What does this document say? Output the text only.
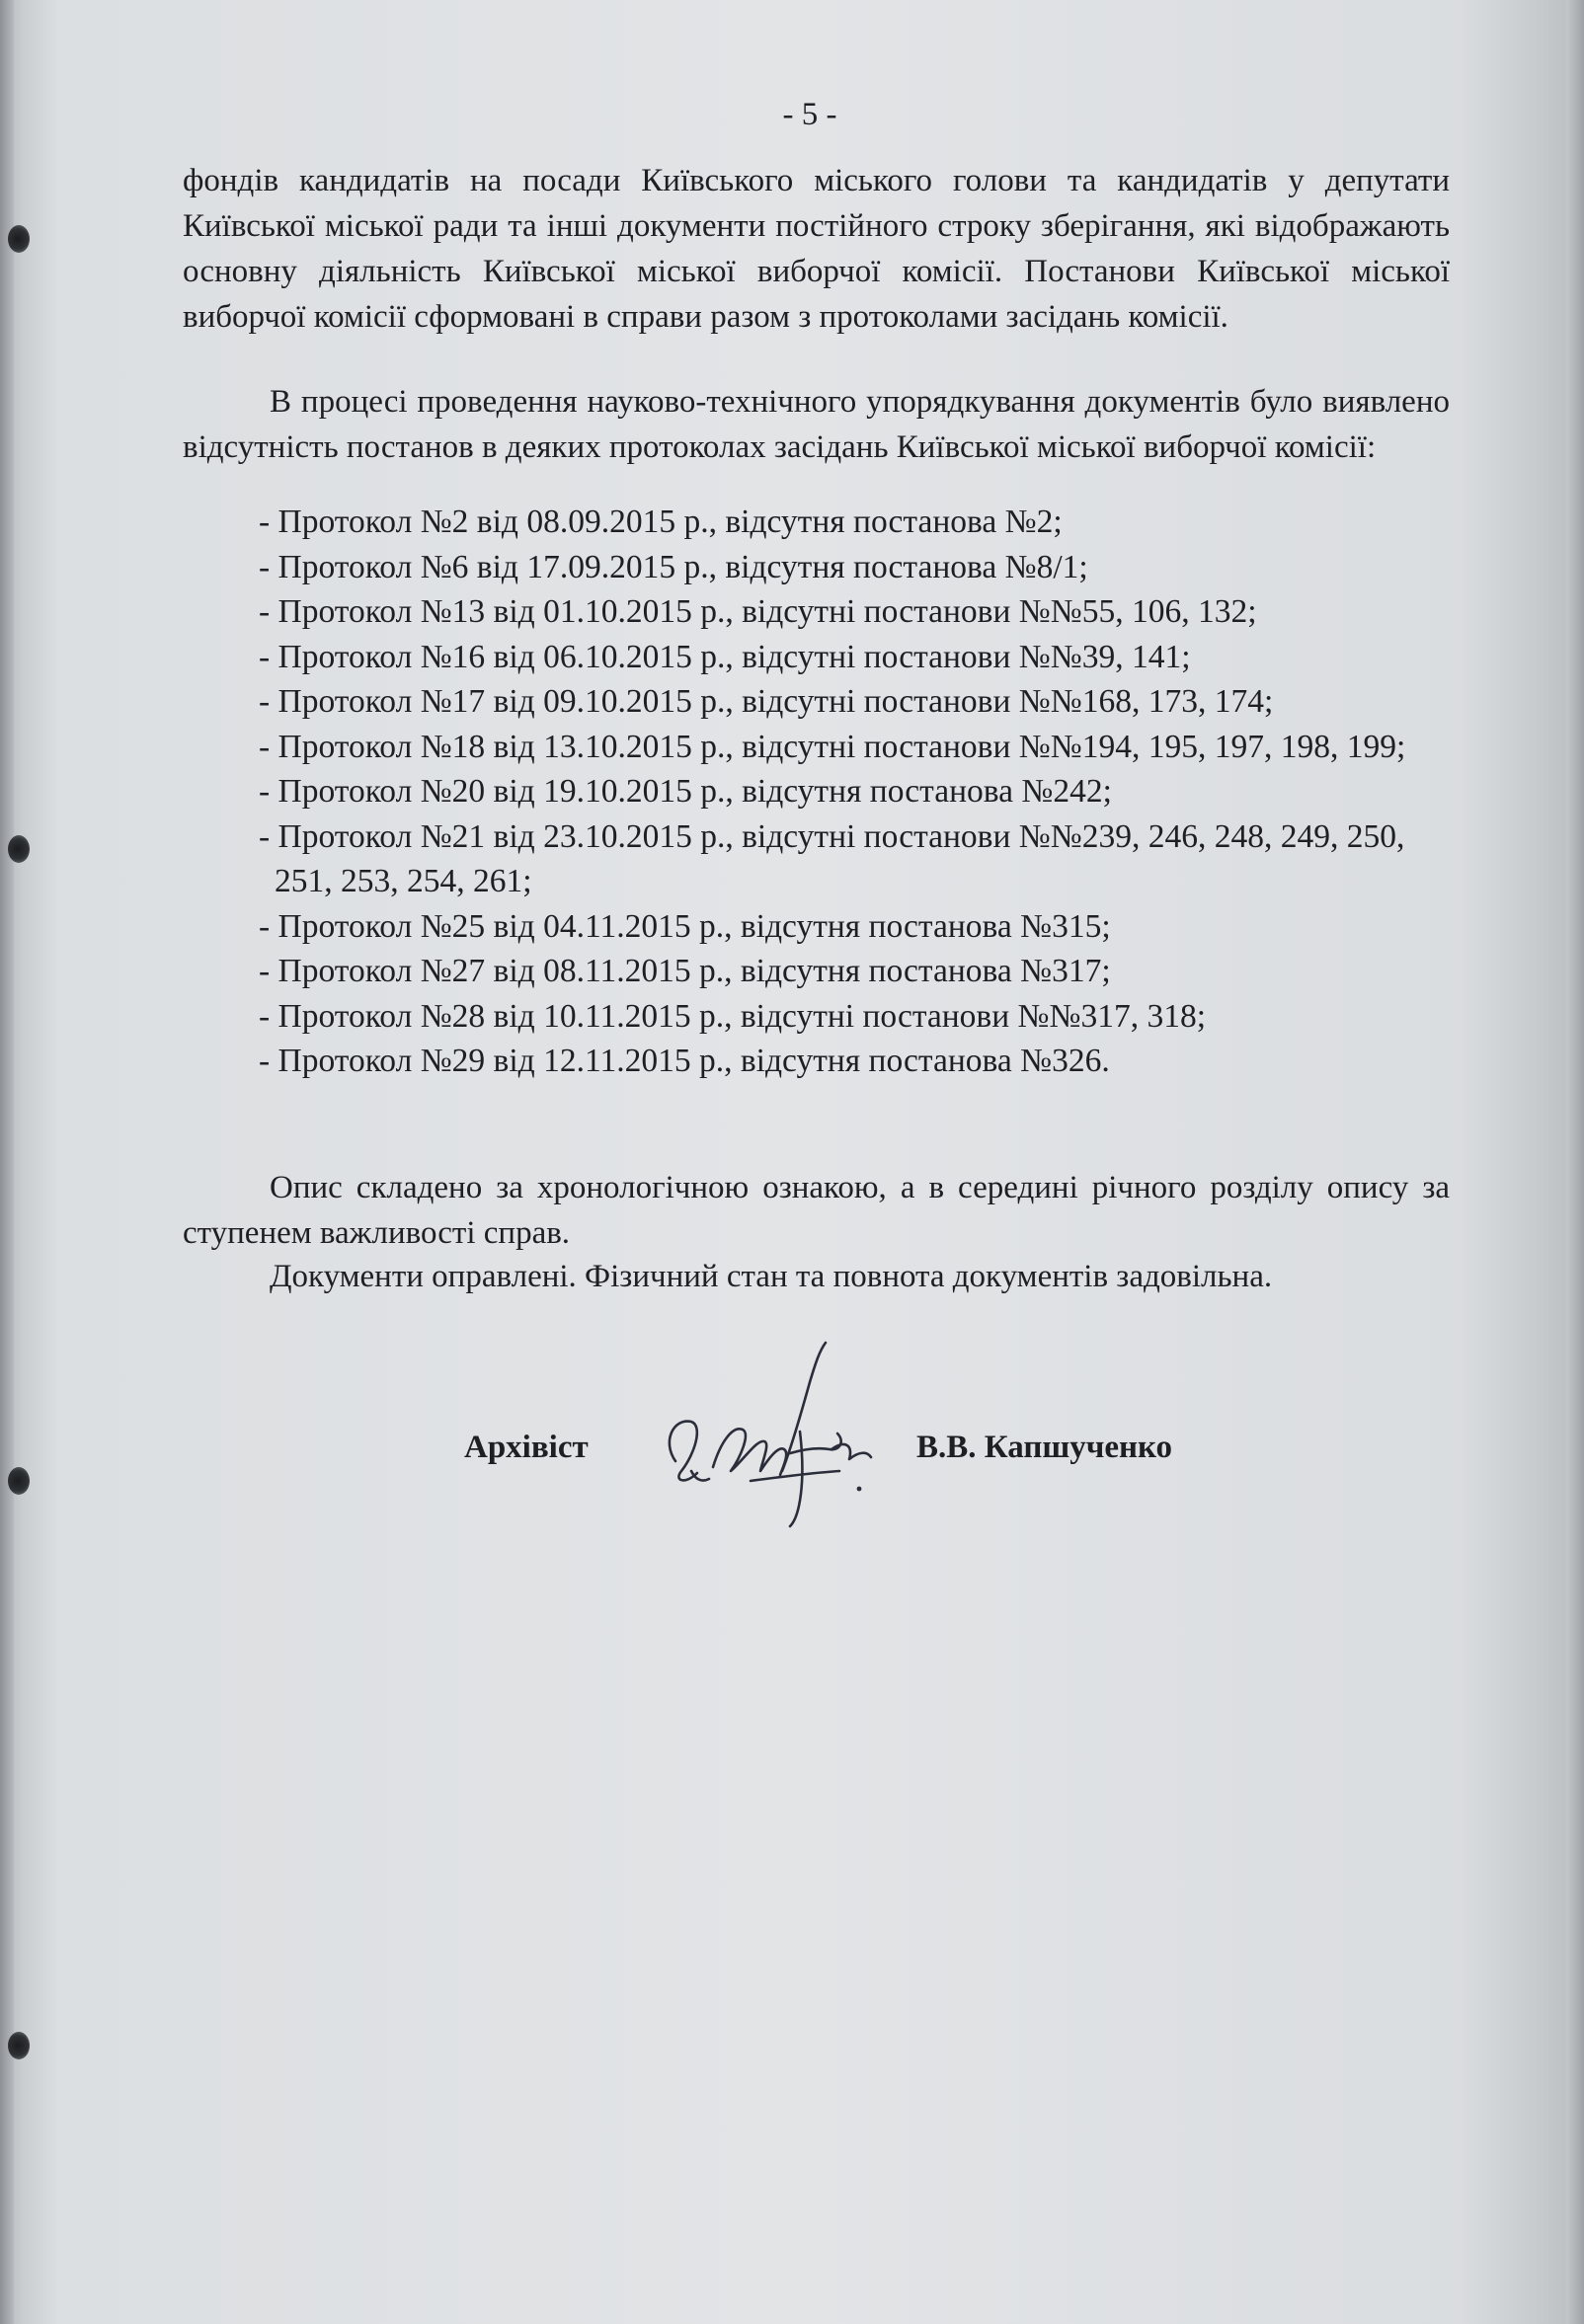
- 5 -

фондів кандидатів на посади Київського міського голови та кандидатів у депутати Київської міської ради та інші документи постійного строку зберігання, які відображають основну діяльність Київської міської виборчої комісії. Постанови Київської міської виборчої комісії сформовані в справи разом з протоколами засідань комісії.

В процесі проведення науково-технічного упорядкування документів було виявлено відсутність постанов в деяких протоколах засідань Київської міської виборчої комісії:

- Протокол №2 від 08.09.2015 р., відсутня постанова №2;
- Протокол №6 від 17.09.2015 р., відсутня постанова №8/1;
- Протокол №13 від 01.10.2015 р., відсутні постанови №№55, 106, 132;
- Протокол №16 від 06.10.2015 р., відсутні постанови №№39, 141;
- Протокол №17 від 09.10.2015 р., відсутні постанови №№168, 173, 174;
- Протокол №18 від 13.10.2015 р., відсутні постанови №№194, 195, 197, 198, 199;
- Протокол №20 від 19.10.2015 р., відсутня постанова №242;
- Протокол №21 від 23.10.2015 р., відсутні постанови №№239, 246, 248, 249, 250, 251, 253, 254, 261;
- Протокол №25 від 04.11.2015 р., відсутня постанова №315;
- Протокол №27 від 08.11.2015 р., відсутня постанова №317;
- Протокол №28 від 10.11.2015 р., відсутні постанови №№317, 318;
- Протокол №29 від 12.11.2015 р., відсутня постанова №326.

Опис складено за хронологічною ознакою, а в середині річного розділу опису за ступенем важливості справ.

Документи оправлені. Фізичний стан та повнота документів задовільна.

Архівіст	В.В. Капшученко
